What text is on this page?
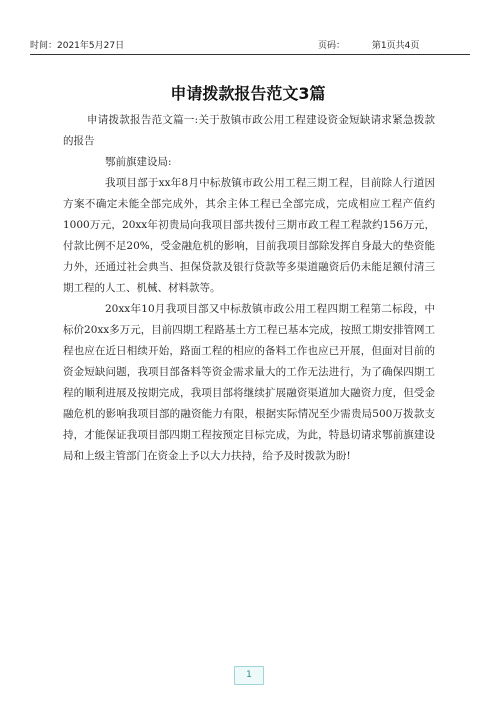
时间：2021年5月27日	页码：	第1页共4页
申请拨款报告范文3篇

申请拨款报告范文篇一:关于敖镇市政公用工程建设资金短缺请求紧急拨款的报告

鄂前旗建设局:

我项目部于xx年8月中标敖镇市政公用工程三期工程，目前除人行道因方案不确定未能全部完成外，其余主体工程已全部完成，完成相应工程产值约1000万元，20xx年初贵局向我项目部共拨付三期市政工程工程款约156万元，付款比例不足20%，受金融危机的影响，目前我项目部除发挥自身最大的垫资能力外，还通过社会典当、担保贷款及银行贷款等多渠道融资后仍未能足额付清三期工程的人工、机械、材料款等。

20xx年10月我项目部又中标敖镇市政公用工程四期工程第二标段，中标价20xx多万元，目前四期工程路基土方工程已基本完成，按照工期安排管网工程也应在近日相续开始，路面工程的相应的备料工作也应已开展，但面对目前的资金短缺问题，我项目部备料等资金需求量大的工作无法进行，为了确保四期工程的顺利进展及按期完成，我项目部将继续扩展融资渠道加大融资力度，但受金融危机的影响我项目部的融资能力有限，根据实际情况至少需贵局500万拨款支持，才能保证我项目部四期工程按预定目标完成，为此，特恳切请求鄂前旗建设局和上级主管部门在资金上予以大力扶持，给予及时拨款为盼!

1
